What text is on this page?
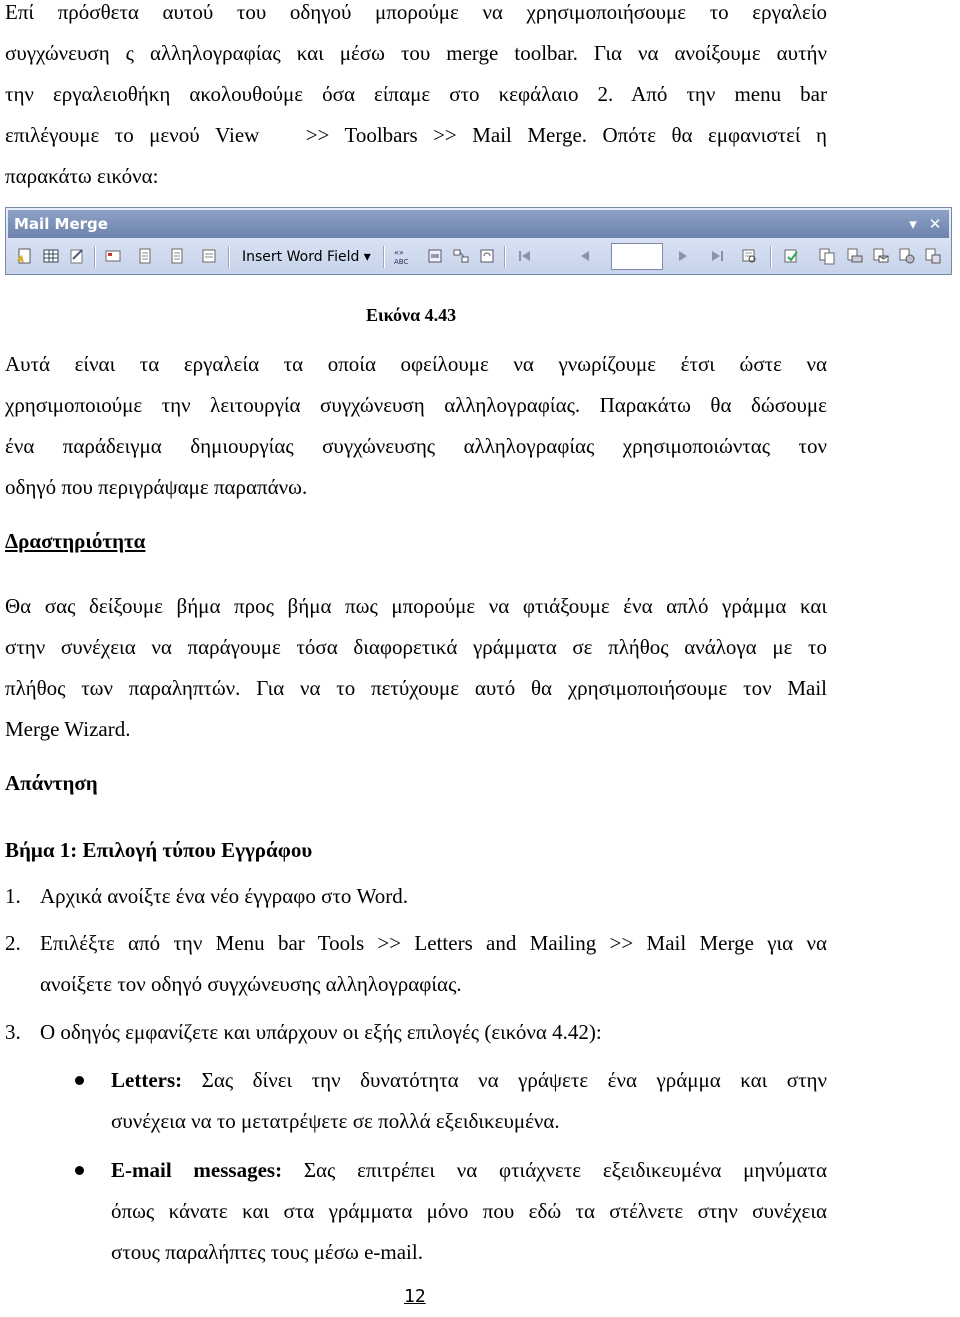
Επί πρόσθετα αυτού του οδηγού μπορούμε να χρησιμοποιήσουμε το εργαλείο
συγχώνευση ς αλληλογραφίας και μέσω του merge toolbar. Για να ανοίξουμε αυτήν
την εργαλειοθήκη ακολουθούμε όσα είπαμε στο κεφάλαιο 2. Από την menu bar
επιλέγουμε το μενού View   >> Toolbars >> Mail Merge. Οπότε θα εμφανιστεί η
παρακάτω εικόνα:
Mail Merge	▾ ✕
Insert Word Field ▾	«»
ABC
Εικόνα 4.43
Αυτά είναι τα εργαλεία τα οποία οφείλουμε να γνωρίζουμε έτσι ώστε να
χρησιμοποιούμε την λειτουργία συγχώνευση αλληλογραφίας. Παρακάτω θα δώσουμε
ένα παράδειγμα δημιουργίας συγχώνευσης αλληλογραφίας χρησιμοποιώντας τον
οδηγό που περιγράψαμε παραπάνω.
Δραστηριότητα
Θα σας δείξουμε βήμα προς βήμα πως μπορούμε να φτιάξουμε ένα απλό γράμμα και
στην συνέχεια να παράγουμε τόσα διαφορετικά γράμματα σε πλήθος ανάλογα με το
πλήθος των παραληπτών. Για να το πετύχουμε αυτό θα χρησιμοποιήσουμε τον Mail
Merge Wizard.
Απάντηση
Βήμα 1: Επιλογή τύπου Εγγράφου
1. Αρχικά ανοίξτε ένα νέο έγγραφο στο Word.
2. Επιλέξτε από την Menu bar Tools >> Letters and Mailing >> Mail Merge για να
ανοίξετε τον οδηγό συγχώνευσης αλληλογραφίας.
3. Ο οδηγός εμφανίζετε και υπάρχουν οι εξής επιλογές (εικόνα 4.42):
Letters: Σας δίνει την δυνατότητα να γράψετε ένα γράμμα και στην
συνέχεια να το μετατρέψετε σε πολλά εξειδικευμένα.
E-mail messages: Σας επιτρέπει να φτιάχνετε εξειδικευμένα μηνύματα
όπως κάνατε και στα γράμματα μόνο που εδώ τα στέλνετε στην συνέχεια
στους παραλήπτες τους μέσω e-mail.
12
